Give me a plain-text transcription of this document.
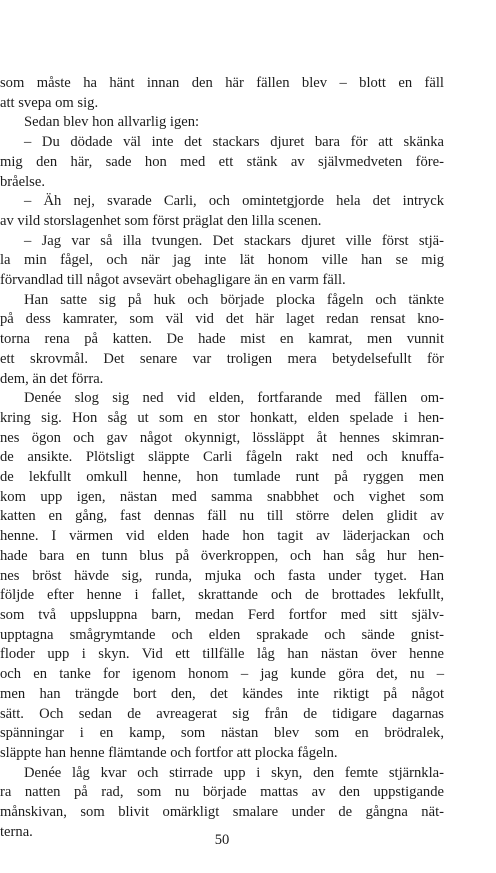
som måste ha hänt innan den här fällen blev – blott en fäll
att svepa om sig.
Sedan blev hon allvarlig igen:
– Du dödade väl inte det stackars djuret bara för att skänka
mig den här, sade hon med ett stänk av självmedveten före-
bråelse.
– Äh nej, svarade Carli, och omintetgjorde hela det intryck
av vild storslagenhet som först präglat den lilla scenen.
– Jag var så illa tvungen. Det stackars djuret ville först stjä-
la min fågel, och när jag inte lät honom ville han se mig
förvandlad till något avsevärt obehagligare än en varm fäll.
Han satte sig på huk och började plocka fågeln och tänkte
på dess kamrater, som väl vid det här laget redan rensat kno-
torna rena på katten. De hade mist en kamrat, men vunnit
ett skrovmål. Det senare var troligen mera betydelsefullt för
dem, än det förra.
Denée slog sig ned vid elden, fortfarande med fällen om-
kring sig. Hon såg ut som en stor honkatt, elden spelade i hen-
nes ögon och gav något okynnigt, lössläppt åt hennes skimran-
de ansikte. Plötsligt släppte Carli fågeln rakt ned och knuffa-
de lekfullt omkull henne, hon tumlade runt på ryggen men
kom upp igen, nästan med samma snabbhet och vighet som
katten en gång, fast dennas fäll nu till större delen glidit av
henne. I värmen vid elden hade hon tagit av läderjackan och
hade bara en tunn blus på överkroppen, och han såg hur hen-
nes bröst hävde sig, runda, mjuka och fasta under tyget. Han
följde efter henne i fallet, skrattande och de brottades lekfullt,
som två uppsluppna barn, medan Ferd fortfor med sitt själv-
upptagna smågrymtande och elden sprakade och sände gnist-
floder upp i skyn. Vid ett tillfälle låg han nästan över henne
och en tanke for igenom honom – jag kunde göra det, nu –
men han trängde bort den, det kändes inte riktigt på något
sätt. Och sedan de avreagerat sig från de tidigare dagarnas
spänningar i en kamp, som nästan blev som en brödralek,
släppte han henne flämtande och fortfor att plocka fågeln.
Denée låg kvar och stirrade upp i skyn, den femte stjärnkla-
ra natten på rad, som nu började mattas av den uppstigande
månskivan, som blivit omärkligt smalare under de gångna nät-
terna.
50
